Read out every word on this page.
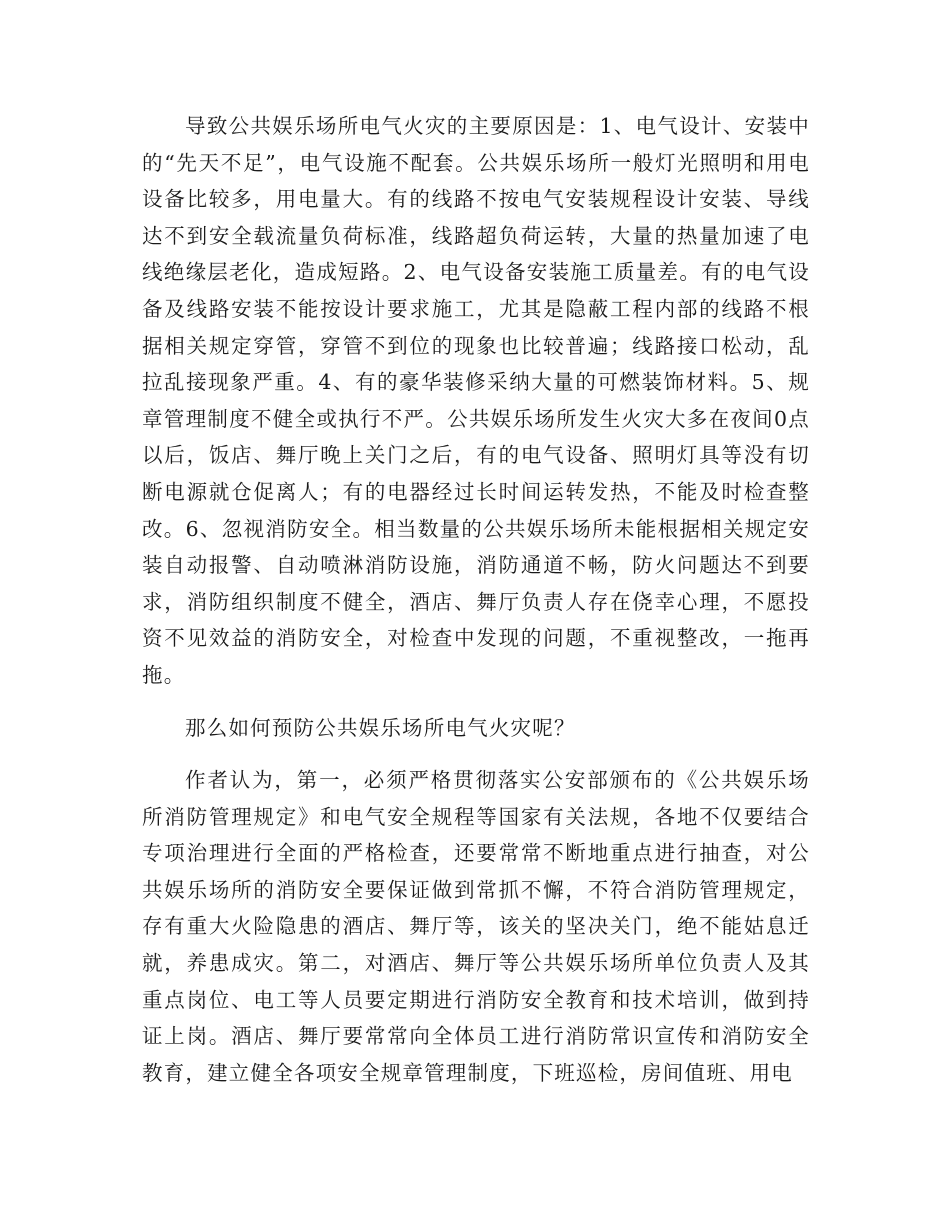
导致公共娱乐场所电气火灾的主要原因是：1、电气设计、安装中的“先天不足”，电气设施不配套。公共娱乐场所一般灯光照明和用电设备比较多，用电量大。有的线路不按电气安装规程设计安装、导线达不到安全载流量负荷标准，线路超负荷运转，大量的热量加速了电线绝缘层老化，造成短路。2、电气设备安装施工质量差。有的电气设备及线路安装不能按设计要求施工，尤其是隐蔽工程内部的线路不根据相关规定穿管，穿管不到位的现象也比较普遍；线路接口松动，乱拉乱接现象严重。4、有的豪华装修采纳大量的可燃装饰材料。5、规章管理制度不健全或执行不严。公共娱乐场所发生火灾大多在夜间0点以后，饭店、舞厅晚上关门之后，有的电气设备、照明灯具等没有切断电源就仓促离人；有的电器经过长时间运转发热，不能及时检查整改。6、忽视消防安全。相当数量的公共娱乐场所未能根据相关规定安装自动报警、自动喷淋消防设施，消防通道不畅，防火问题达不到要求，消防组织制度不健全，酒店、舞厅负责人存在侥幸心理，不愿投资不见效益的消防安全，对检查中发现的问题，不重视整改，一拖再拖。

那么如何预防公共娱乐场所电气火灾呢？

作者认为，第一，必须严格贯彻落实公安部颁布的《公共娱乐场所消防管理规定》和电气安全规程等国家有关法规，各地不仅要结合专项治理进行全面的严格检查，还要常常不断地重点进行抽查，对公共娱乐场所的消防安全要保证做到常抓不懈，不符合消防管理规定，存有重大火险隐患的酒店、舞厅等，该关的坚决关门，绝不能姑息迁就，养患成灾。第二，对酒店、舞厅等公共娱乐场所单位负责人及其重点岗位、电工等人员要定期进行消防安全教育和技术培训，做到持证上岗。酒店、舞厅要常常向全体员工进行消防常识宣传和消防安全教育，建立健全各项安全规章管理制度，下班巡检，房间值班、用电
